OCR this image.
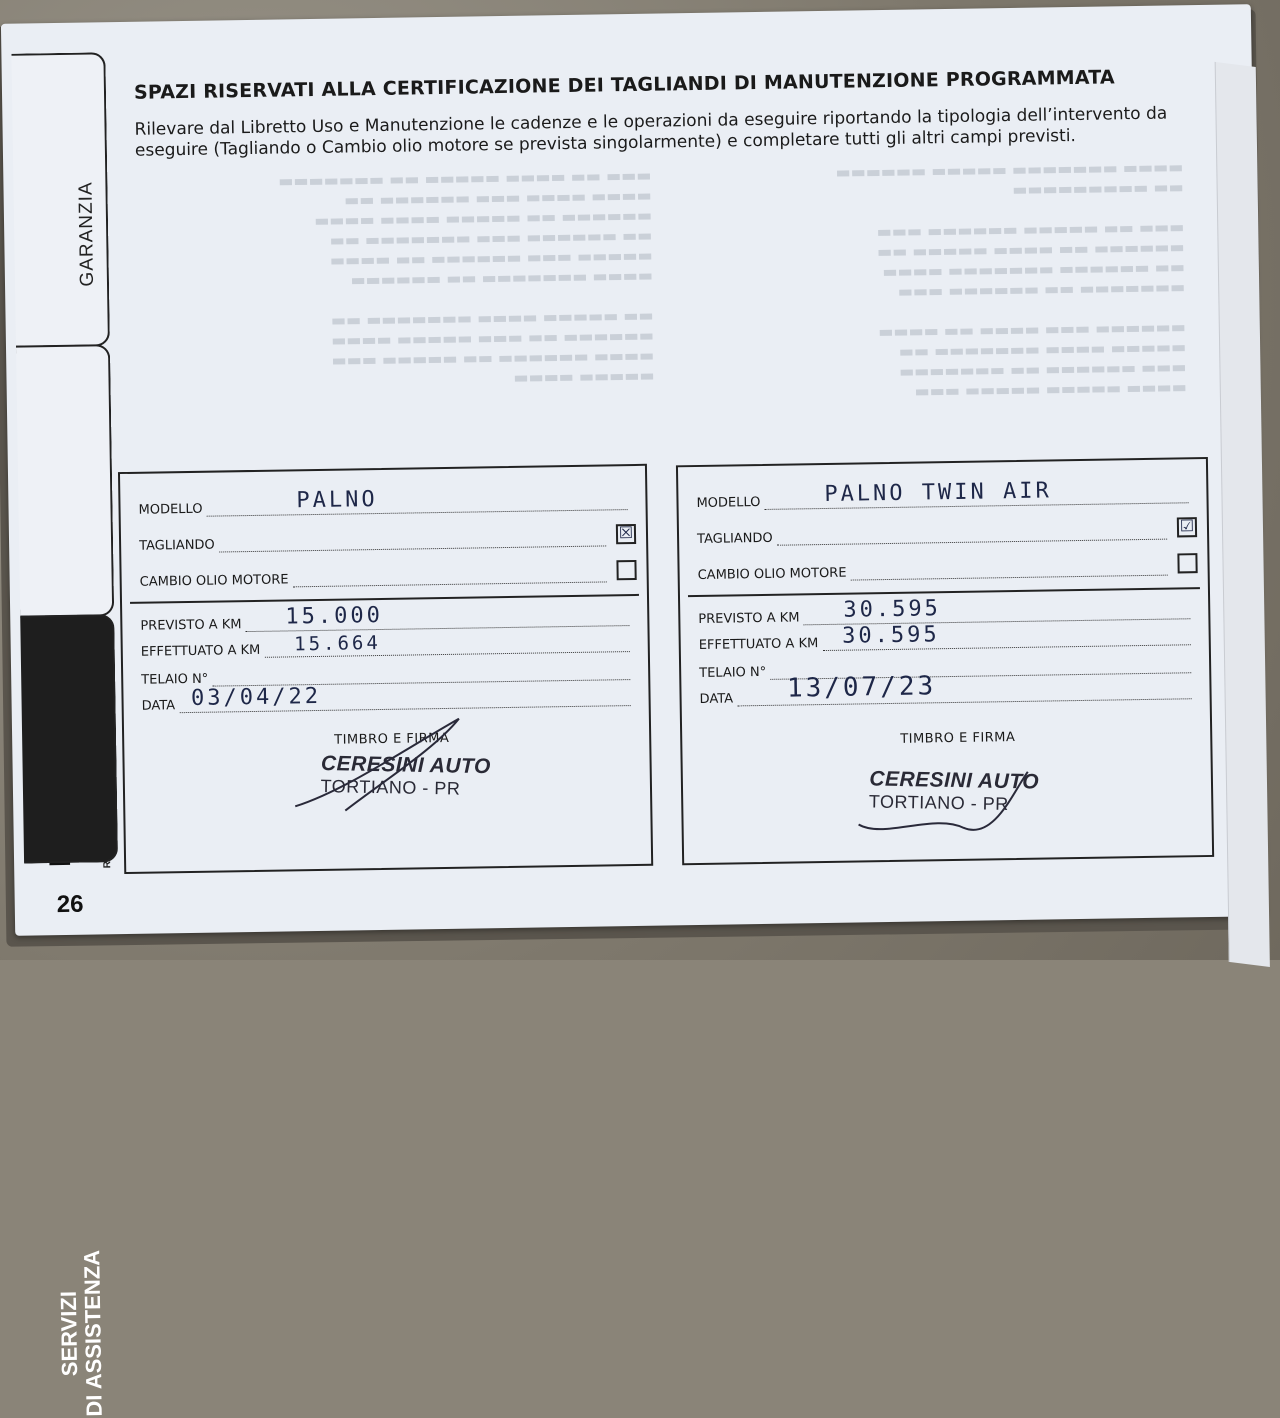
▬▬▬ ▬▬ ▬▬▬▬ ▬▬▬▬▬ ▬▬ ▬▬▬▬▬▬▬
▬▬▬▬ ▬▬▬▬ ▬▬▬ ▬▬▬▬▬▬ ▬▬
▬▬▬▬▬▬ ▬▬ ▬▬▬▬▬ ▬▬▬▬ ▬▬▬▬
▬▬ ▬▬▬▬▬▬ ▬▬▬ ▬▬▬▬▬▬▬ ▬▬
▬▬▬▬▬ ▬▬▬ ▬▬▬▬▬▬ ▬▬ ▬▬▬▬
▬▬▬▬ ▬▬▬▬▬▬▬ ▬▬ ▬▬▬▬▬▬

▬▬ ▬▬▬▬▬ ▬▬▬▬ ▬▬▬▬▬▬▬ ▬▬
▬▬▬▬▬▬ ▬▬ ▬▬▬ ▬▬▬▬▬ ▬▬▬▬
▬▬▬▬ ▬▬▬▬▬▬ ▬▬ ▬▬▬▬▬ ▬▬▬
▬▬▬▬▬ ▬▬▬▬
▬▬▬▬ ▬▬▬▬▬▬▬ ▬▬▬▬▬ ▬▬▬▬▬▬
▬▬ ▬▬▬▬▬▬▬▬▬

▬▬▬ ▬▬ ▬▬▬▬▬ ▬▬▬▬▬▬ ▬▬▬
▬▬▬▬▬▬ ▬▬ ▬▬▬▬ ▬▬▬▬▬ ▬▬
▬▬ ▬▬▬▬▬▬ ▬▬▬▬▬▬▬ ▬▬▬▬
▬▬▬▬▬▬▬ ▬▬ ▬▬▬▬▬▬ ▬▬▬

▬▬▬▬▬▬ ▬▬▬ ▬▬▬▬ ▬▬ ▬▬▬▬
▬▬▬▬▬ ▬▬▬▬ ▬▬▬▬▬▬▬ ▬▬
▬▬▬ ▬▬▬▬▬▬ ▬▬ ▬▬▬▬▬▬▬
▬▬▬▬ ▬▬▬▬▬ ▬▬▬▬▬ ▬▬▬
SPAZI RISERVATI ALLA CERTIFICAZIONE DEI TAGLIANDI DI MANUTENZIONE PROGRAMMATA
Rilevare dal Libretto Uso e Manutenzione le cadenze e le operazioni da eseguire riportando la tipologia dell’intervento da eseguire (Tagliando o Cambio olio motore se prevista singolarmente) e completare tutti gli altri campi previsti.
GARANZIA
SERVIZI
DI ASSISTENZA
26
MODELLO	PALNO
TAGLIANDO
☒
CAMBIO OLIO MOTORE
PREVISTO A KM 15.000
EFFETTUATO A KM 15.664
TELAIO N°
DATA 03/04/22
TIMBRO E FIRMA
CERESINI AUTO
TORTIANO - PR
MODELLO	PALNO TWIN AIR
TAGLIANDO
☑
CAMBIO OLIO MOTORE
PREVISTO A KM 30.595
EFFETTUATO A KM 30.595
TELAIO N°
DATA 13/07/23
TIMBRO E FIRMA
CERESINI AUTO
TORTIANO - PR
